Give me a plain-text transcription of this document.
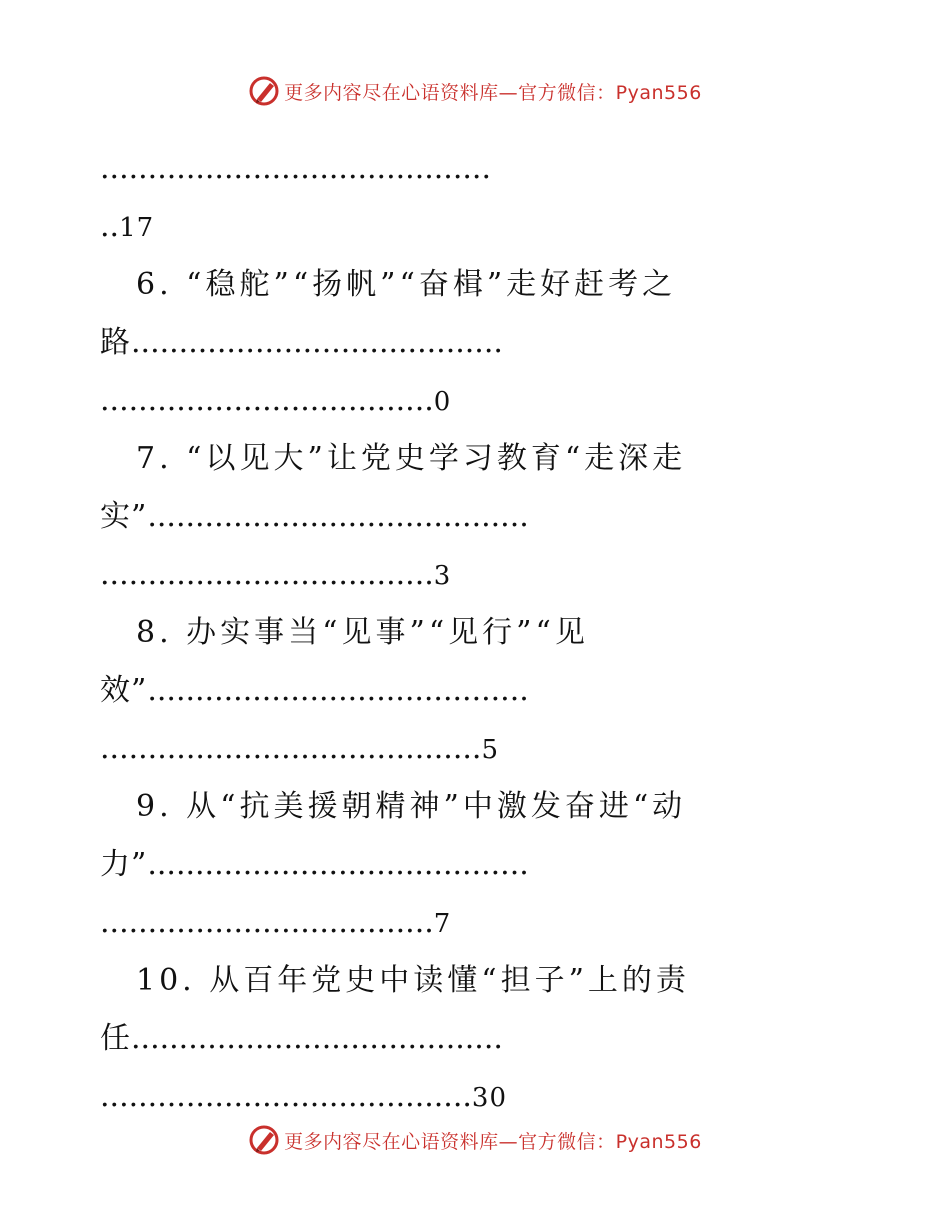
更多内容尽在心语资料库—官方微信：Pyan556
.........................................
..17
6. “稳舵”“扬帆”“奋楫”走好赶考之
路.......................................
...................................0
7. “以见大”让党史学习教育“走深走
实”........................................
...................................3
8. 办实事当“见事”“见行”“见
效”........................................
........................................5
9. 从“抗美援朝精神”中激发奋进“动
力”........................................
...................................7
10. 从百年党史中读懂“担子”上的责
任.......................................
.......................................30
更多内容尽在心语资料库—官方微信：Pyan556
